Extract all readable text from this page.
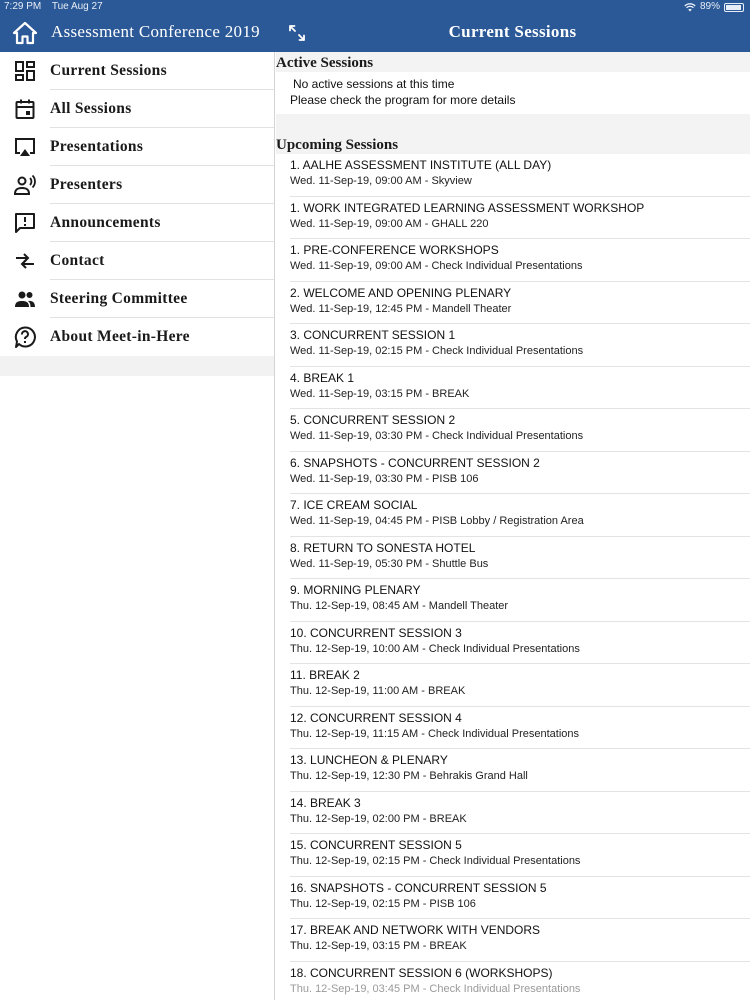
7:29 PM Tue Aug 27	89%
Assessment Conference 2019	Current Sessions
Current Sessions
All Sessions
Presentations
Presenters
Announcements
Contact
Steering Committee
About Meet-in-Here
Active Sessions
No active sessions at this time
Please check the program for more details
Upcoming Sessions
1. AALHE ASSESSMENT INSTITUTE (ALL DAY)
Wed. 11-Sep-19, 09:00 AM - Skyview
1. WORK INTEGRATED LEARNING ASSESSMENT WORKSHOP
Wed. 11-Sep-19, 09:00 AM - GHALL 220
1. PRE-CONFERENCE WORKSHOPS
Wed. 11-Sep-19, 09:00 AM - Check Individual Presentations
2. WELCOME AND OPENING PLENARY
Wed. 11-Sep-19, 12:45 PM - Mandell Theater
3. CONCURRENT SESSION 1
Wed. 11-Sep-19, 02:15 PM - Check Individual Presentations
4. BREAK 1
Wed. 11-Sep-19, 03:15 PM - BREAK
5. CONCURRENT SESSION 2
Wed. 11-Sep-19, 03:30 PM - Check Individual Presentations
6. SNAPSHOTS - CONCURRENT SESSION 2
Wed. 11-Sep-19, 03:30 PM - PISB 106
7. ICE CREAM SOCIAL
Wed. 11-Sep-19, 04:45 PM - PISB Lobby / Registration Area
8. RETURN TO SONESTA HOTEL
Wed. 11-Sep-19, 05:30 PM - Shuttle Bus
9. MORNING PLENARY
Thu. 12-Sep-19, 08:45 AM - Mandell Theater
10. CONCURRENT SESSION 3
Thu. 12-Sep-19, 10:00 AM - Check Individual Presentations
11. BREAK 2
Thu. 12-Sep-19, 11:00 AM - BREAK
12. CONCURRENT SESSION 4
Thu. 12-Sep-19, 11:15 AM - Check Individual Presentations
13. LUNCHEON & PLENARY
Thu. 12-Sep-19, 12:30 PM - Behrakis Grand Hall
14. BREAK 3
Thu. 12-Sep-19, 02:00 PM - BREAK
15. CONCURRENT SESSION 5
Thu. 12-Sep-19, 02:15 PM - Check Individual Presentations
16. SNAPSHOTS - CONCURRENT SESSION 5
Thu. 12-Sep-19, 02:15 PM - PISB 106
17. BREAK AND NETWORK WITH VENDORS
Thu. 12-Sep-19, 03:15 PM - BREAK
18. CONCURRENT SESSION 6 (WORKSHOPS)
Thu. 12-Sep-19, 03:45 PM - Check Individual Presentations
